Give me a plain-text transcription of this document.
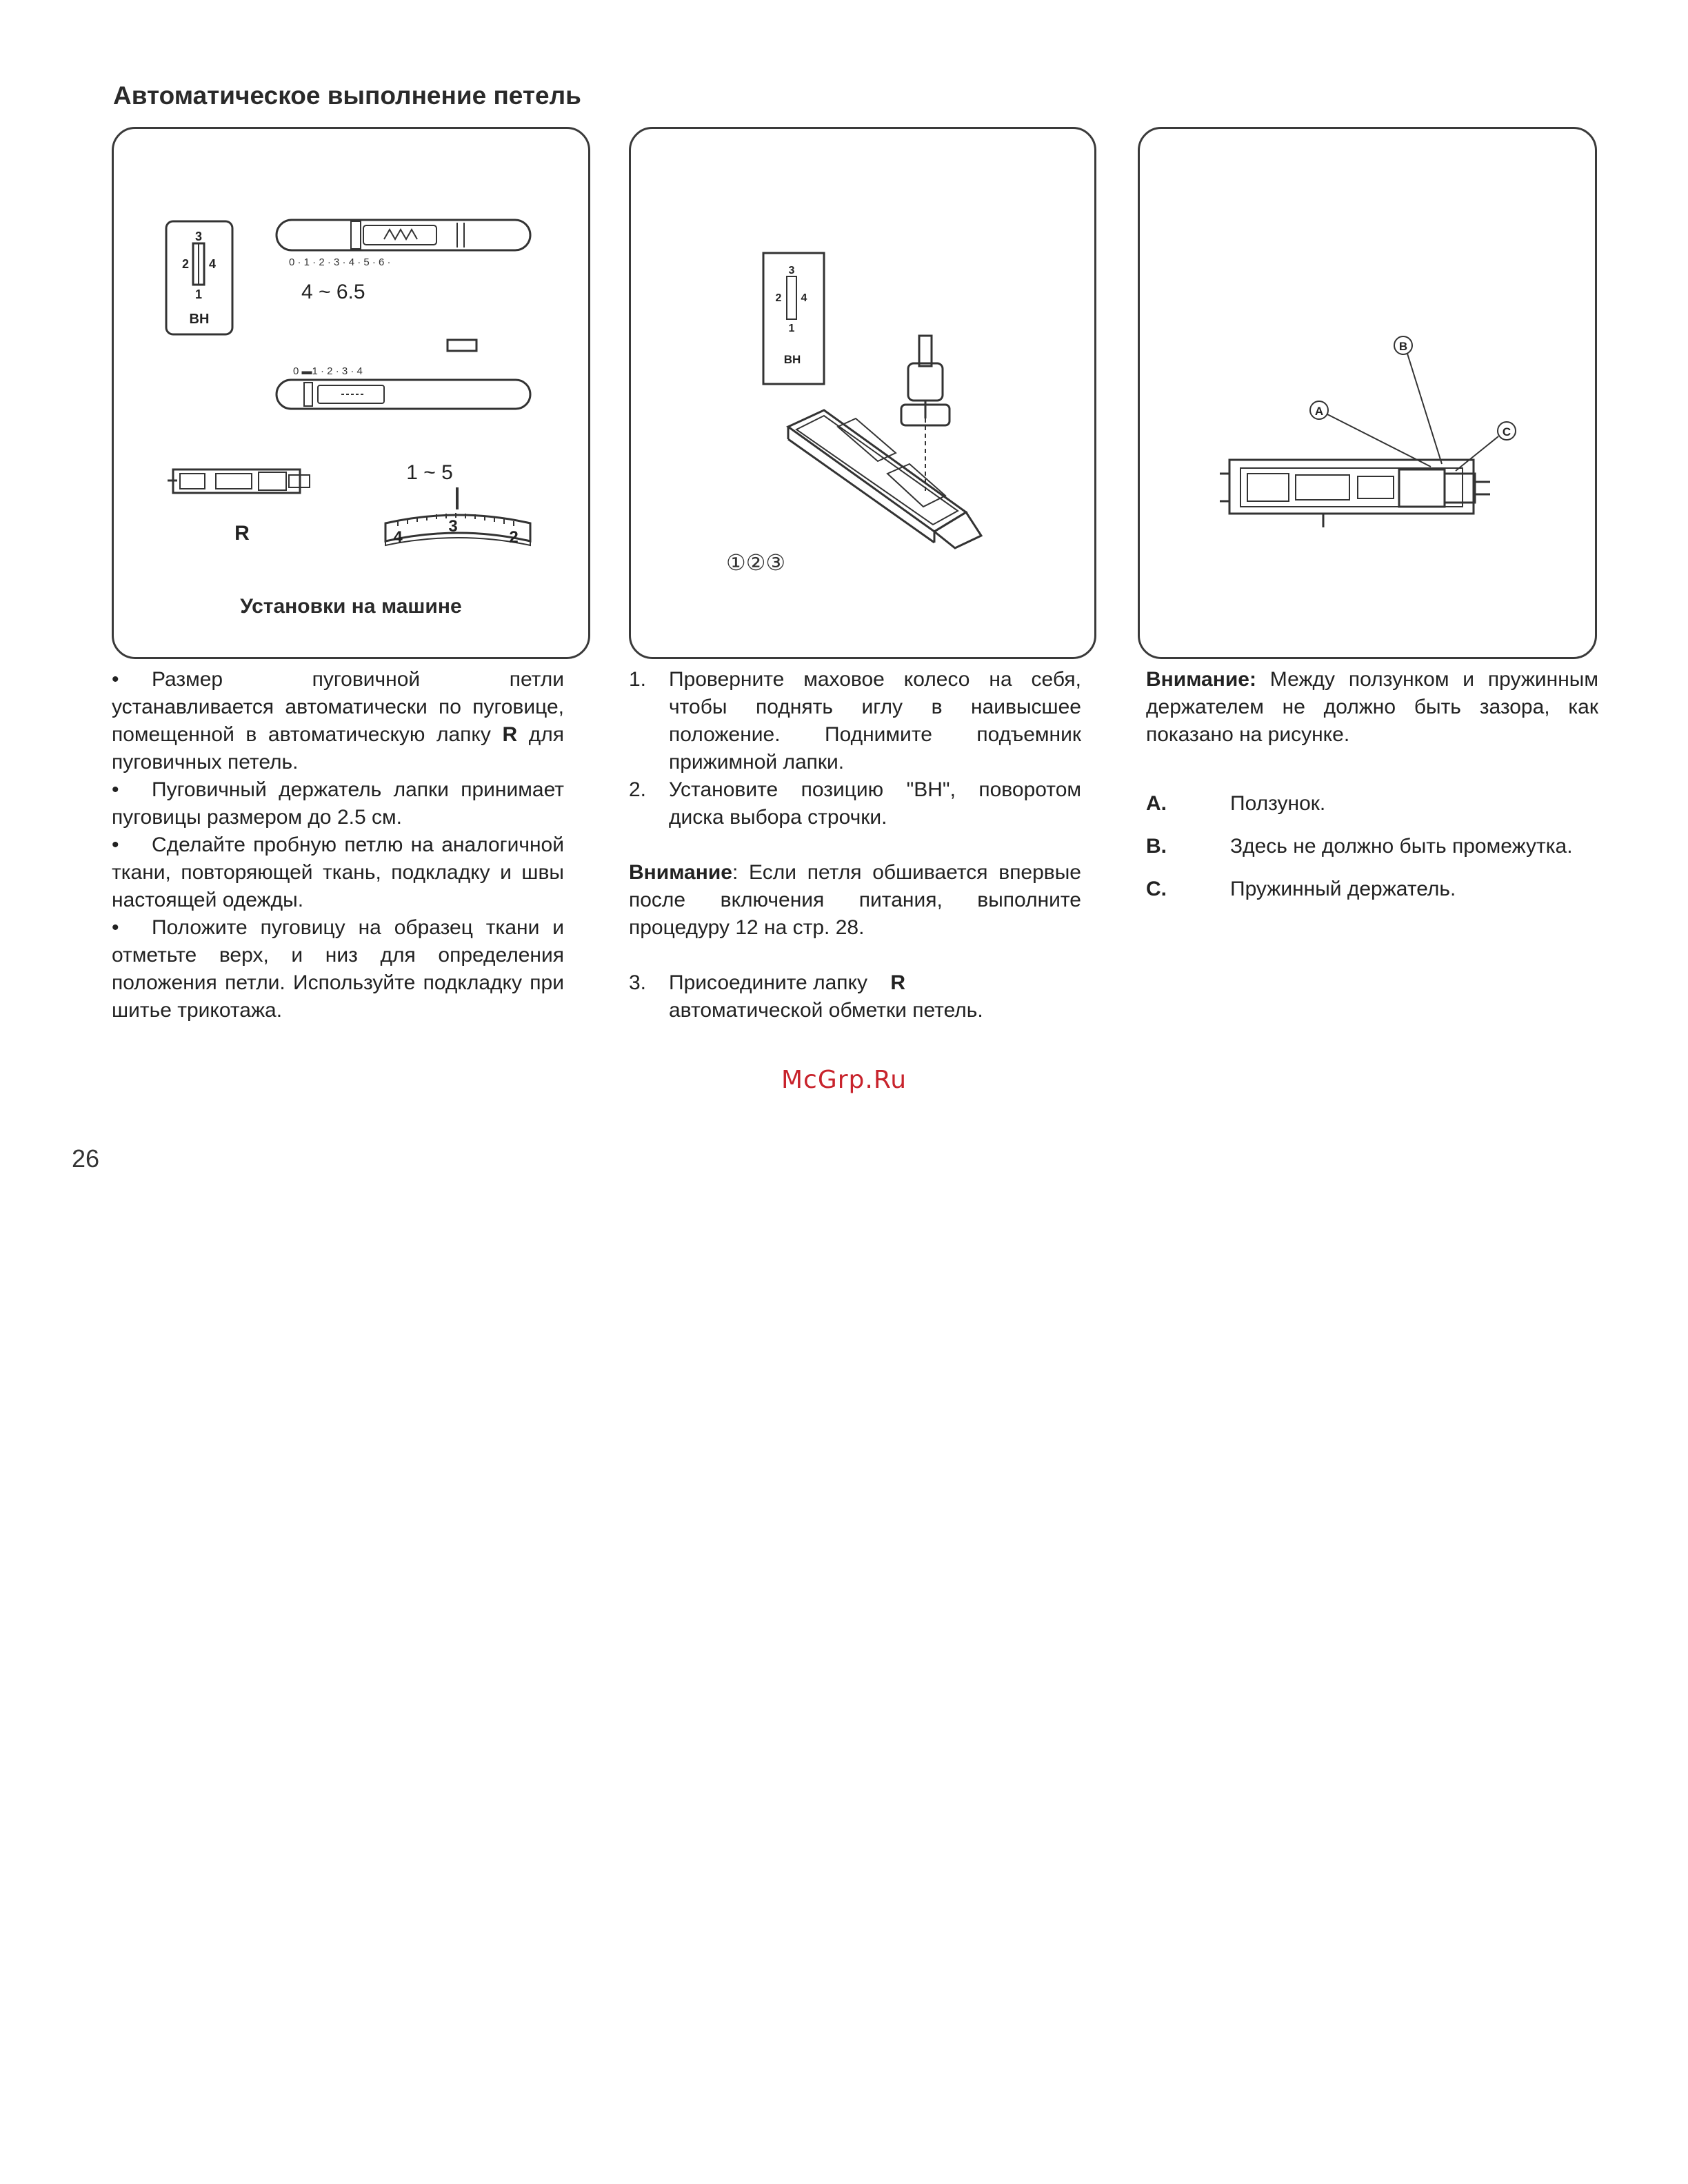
Автоматическое выполнение петель
3
2 4
1
BH
0 · 1 · 2 · 3 · 4 · 5 · 6 ·
4 ~ 6.5
0 ▬1 · 2 · 3 · 4
R
1 ~ 5
4
3
2
Установки на машине
3
2 4
1
BH
①②③
A
B
C
• Размер	пуговичной	петли
устанавливается автоматически по пуговице, помещенной в автоматическую лапку R для пуговичных петель.
• Пуговичный держатель лапки принимает пуговицы размером до 2.5 см.
• Сделайте пробную петлю на аналогичной ткани, повторяющей ткань, подкладку и швы настоящей одежды.
• Положите пуговицу на образец ткани и отметьте верх, и низ для определения положения петли. Используйте подкладку при шитье трикотажа.
1. Проверните маховое колесо на себя, чтобы поднять иглу в наивысшее положение. Поднимите подъемник прижимной лапки.
2. Установите позицию "ВН", поворотом диска выбора строчки.
Внимание: Если петля обшивается впервые после включения питания, выполните процедуру 12 на стр. 28.
3. Присоедините лапку R
автоматической обметки петель.
Внимание: Между ползунком и пружинным держателем не должно быть зазора, как показано на рисунке.
A.	Ползунок.
B.	Здесь не должно быть промежутка.
C.	Пружинный держатель.
McGrp.Ru
26
